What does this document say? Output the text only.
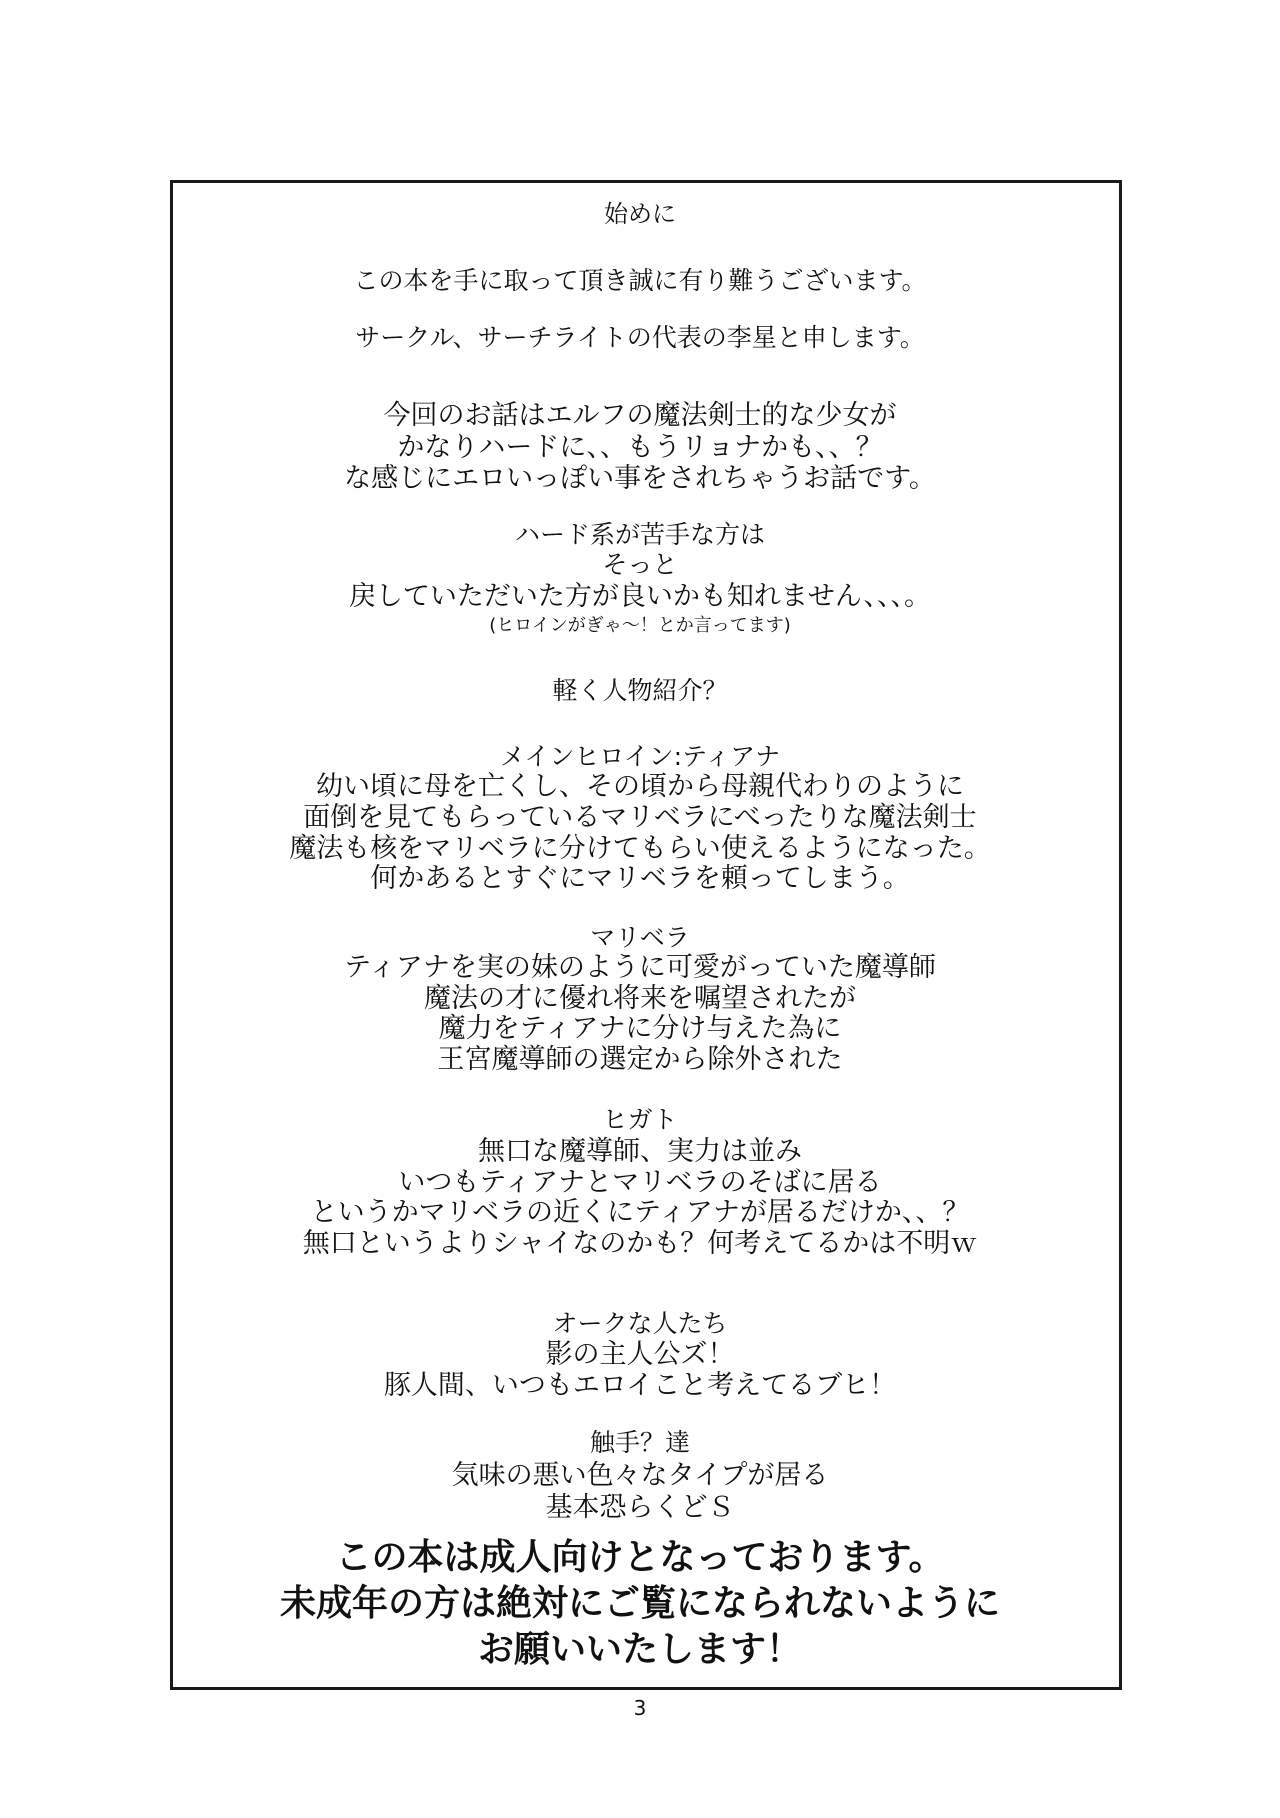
始めに
この本を手に取って頂き誠に有り難うございます。
サークル、サーチライトの代表の李星と申します。
今回のお話はエルフの魔法剣士的な少女が
かなりハードに、、もうリョナかも、、？
な感じにエロいっぽい事をされちゃうお話です。
ハード系が苦手な方は
そっと
戻していただいた方が良いかも知れません、、、。
(ヒロインがぎゃ～！とか言ってます)
軽く人物紹介？
メインヒロイン:ティアナ
幼い頃に母を亡くし、その頃から母親代わりのように
面倒を見てもらっているマリベラにべったりな魔法剣士
魔法も核をマリベラに分けてもらい使えるようになった。
何かあるとすぐにマリベラを頼ってしまう。
マリベラ
ティアナを実の妹のように可愛がっていた魔導師
魔法の才に優れ将来を嘱望されたが
魔力をティアナに分け与えた為に
王宮魔導師の選定から除外された
ヒガト
無口な魔導師、実力は並み
いつもティアナとマリベラのそばに居る
というかマリベラの近くにティアナが居るだけか、、？
無口というよりシャイなのかも？何考えてるかは不明ｗ
オークな人たち
影の主人公ズ！
豚人間、いつもエロイこと考えてるブヒ！
触手？達
気味の悪い色々なタイプが居る
基本恐らくどＳ
この本は成人向けとなっております。
未成年の方は絶対にご覧になられないように
お願いいたします！
3
